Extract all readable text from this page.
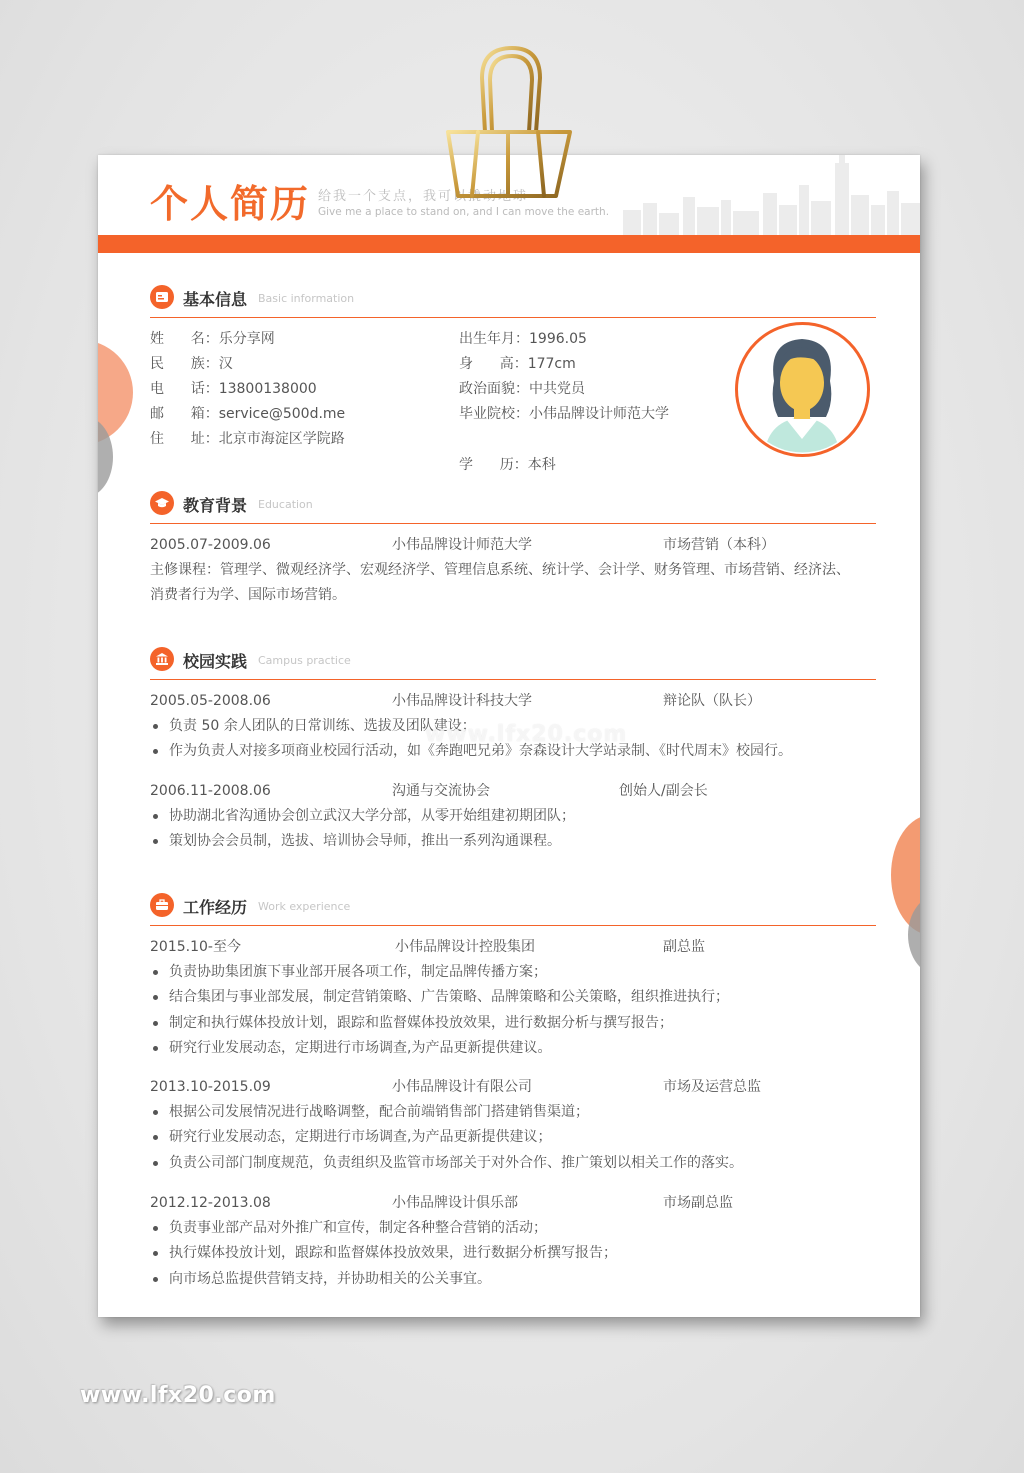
个人简历 给我一个支点，我可以撬动地球
Give me a place to stand on, and I can move the earth.
基本信息 Basic information
姓      名：乐分享网
民      族：汉
电      话：13800138000
邮      箱：service@500d.me
住      址：北京市海淀区学院路
出生年月：1996.05
身      高：177cm
政治面貌：中共党员
毕业院校：小伟品牌设计师范大学
学      历：本科
教育背景 Education
2005.07-2009.06	小伟品牌设计师范大学	市场营销（本科）
主修课程：管理学、微观经济学、宏观经济学、管理信息系统、统计学、会计学、财务管理、市场营销、经济法、
消费者行为学、国际市场营销。
校园实践 Campus practice
2005.05-2008.06	小伟品牌设计科技大学	辩论队（队长）
负责 50 余人团队的日常训练、选拔及团队建设；
作为负责人对接多项商业校园行活动，如《奔跑吧兄弟》奈森设计大学站录制、《时代周末》校园行。
2006.11-2008.06	沟通与交流协会	创始人/副会长
协助湖北省沟通协会创立武汉大学分部，从零开始组建初期团队；
策划协会会员制，选拔、培训协会导师，推出一系列沟通课程。
工作经历 Work experience
2015.10-至今	小伟品牌设计控股集团	副总监
负责协助集团旗下事业部开展各项工作，制定品牌传播方案；
结合集团与事业部发展，制定营销策略、广告策略、品牌策略和公关策略，组织推进执行；
制定和执行媒体投放计划，跟踪和监督媒体投放效果，进行数据分析与撰写报告；
研究行业发展动态，定期进行市场调查,为产品更新提供建议。
2013.10-2015.09	小伟品牌设计有限公司	市场及运营总监
根据公司发展情况进行战略调整，配合前端销售部门搭建销售渠道；
研究行业发展动态，定期进行市场调查,为产品更新提供建议；
负责公司部门制度规范，负责组织及监管市场部关于对外合作、推广策划以相关工作的落实。
2012.12-2013.08	小伟品牌设计俱乐部	市场副总监
负责事业部产品对外推广和宣传，制定各种整合营销的活动；
执行媒体投放计划，跟踪和监督媒体投放效果，进行数据分析撰写报告；
向市场总监提供营销支持，并协助相关的公关事宜。
www.lfx20.com
www.lfx20.com
